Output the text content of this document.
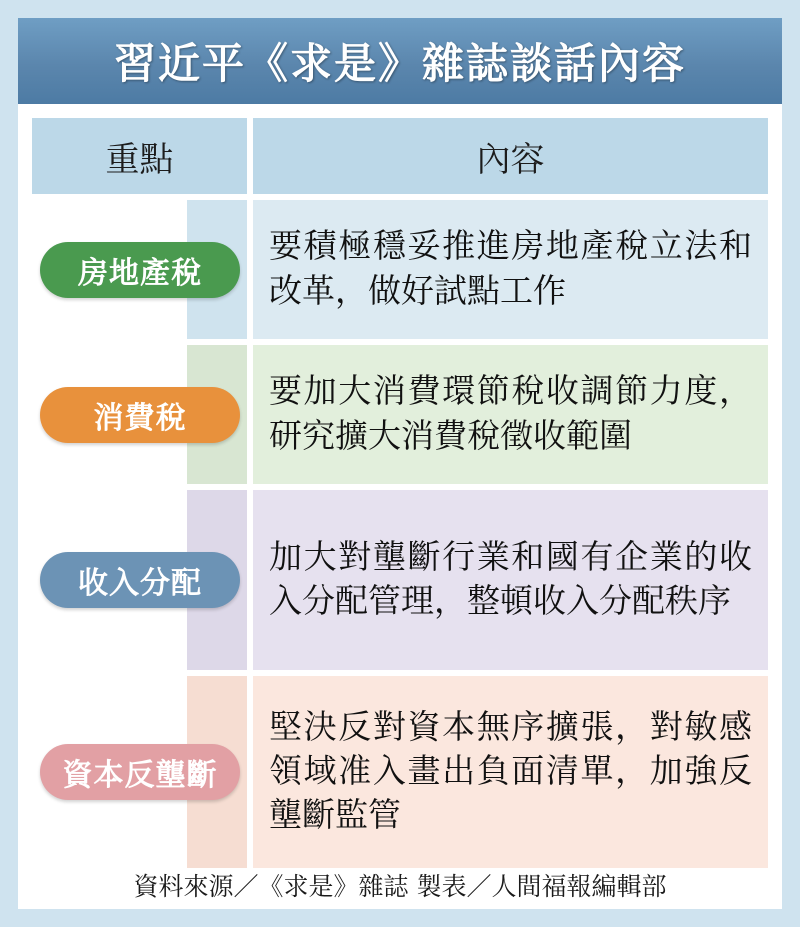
習近平《求是》雜誌談話內容
重點	內容
房地產稅
要積極穩妥推進房地產稅立法和改革，做好試點工作
消費稅
要加大消費環節稅收調節力度，研究擴大消費稅徵收範圍
收入分配
加大對壟斷行業和國有企業的收入分配管理，整頓收入分配秩序
資本反壟斷
堅決反對資本無序擴張，對敏感領域准入畫出負面清單，加強反壟斷監管
資料來源／《求是》雜誌 製表／人間福報編輯部
